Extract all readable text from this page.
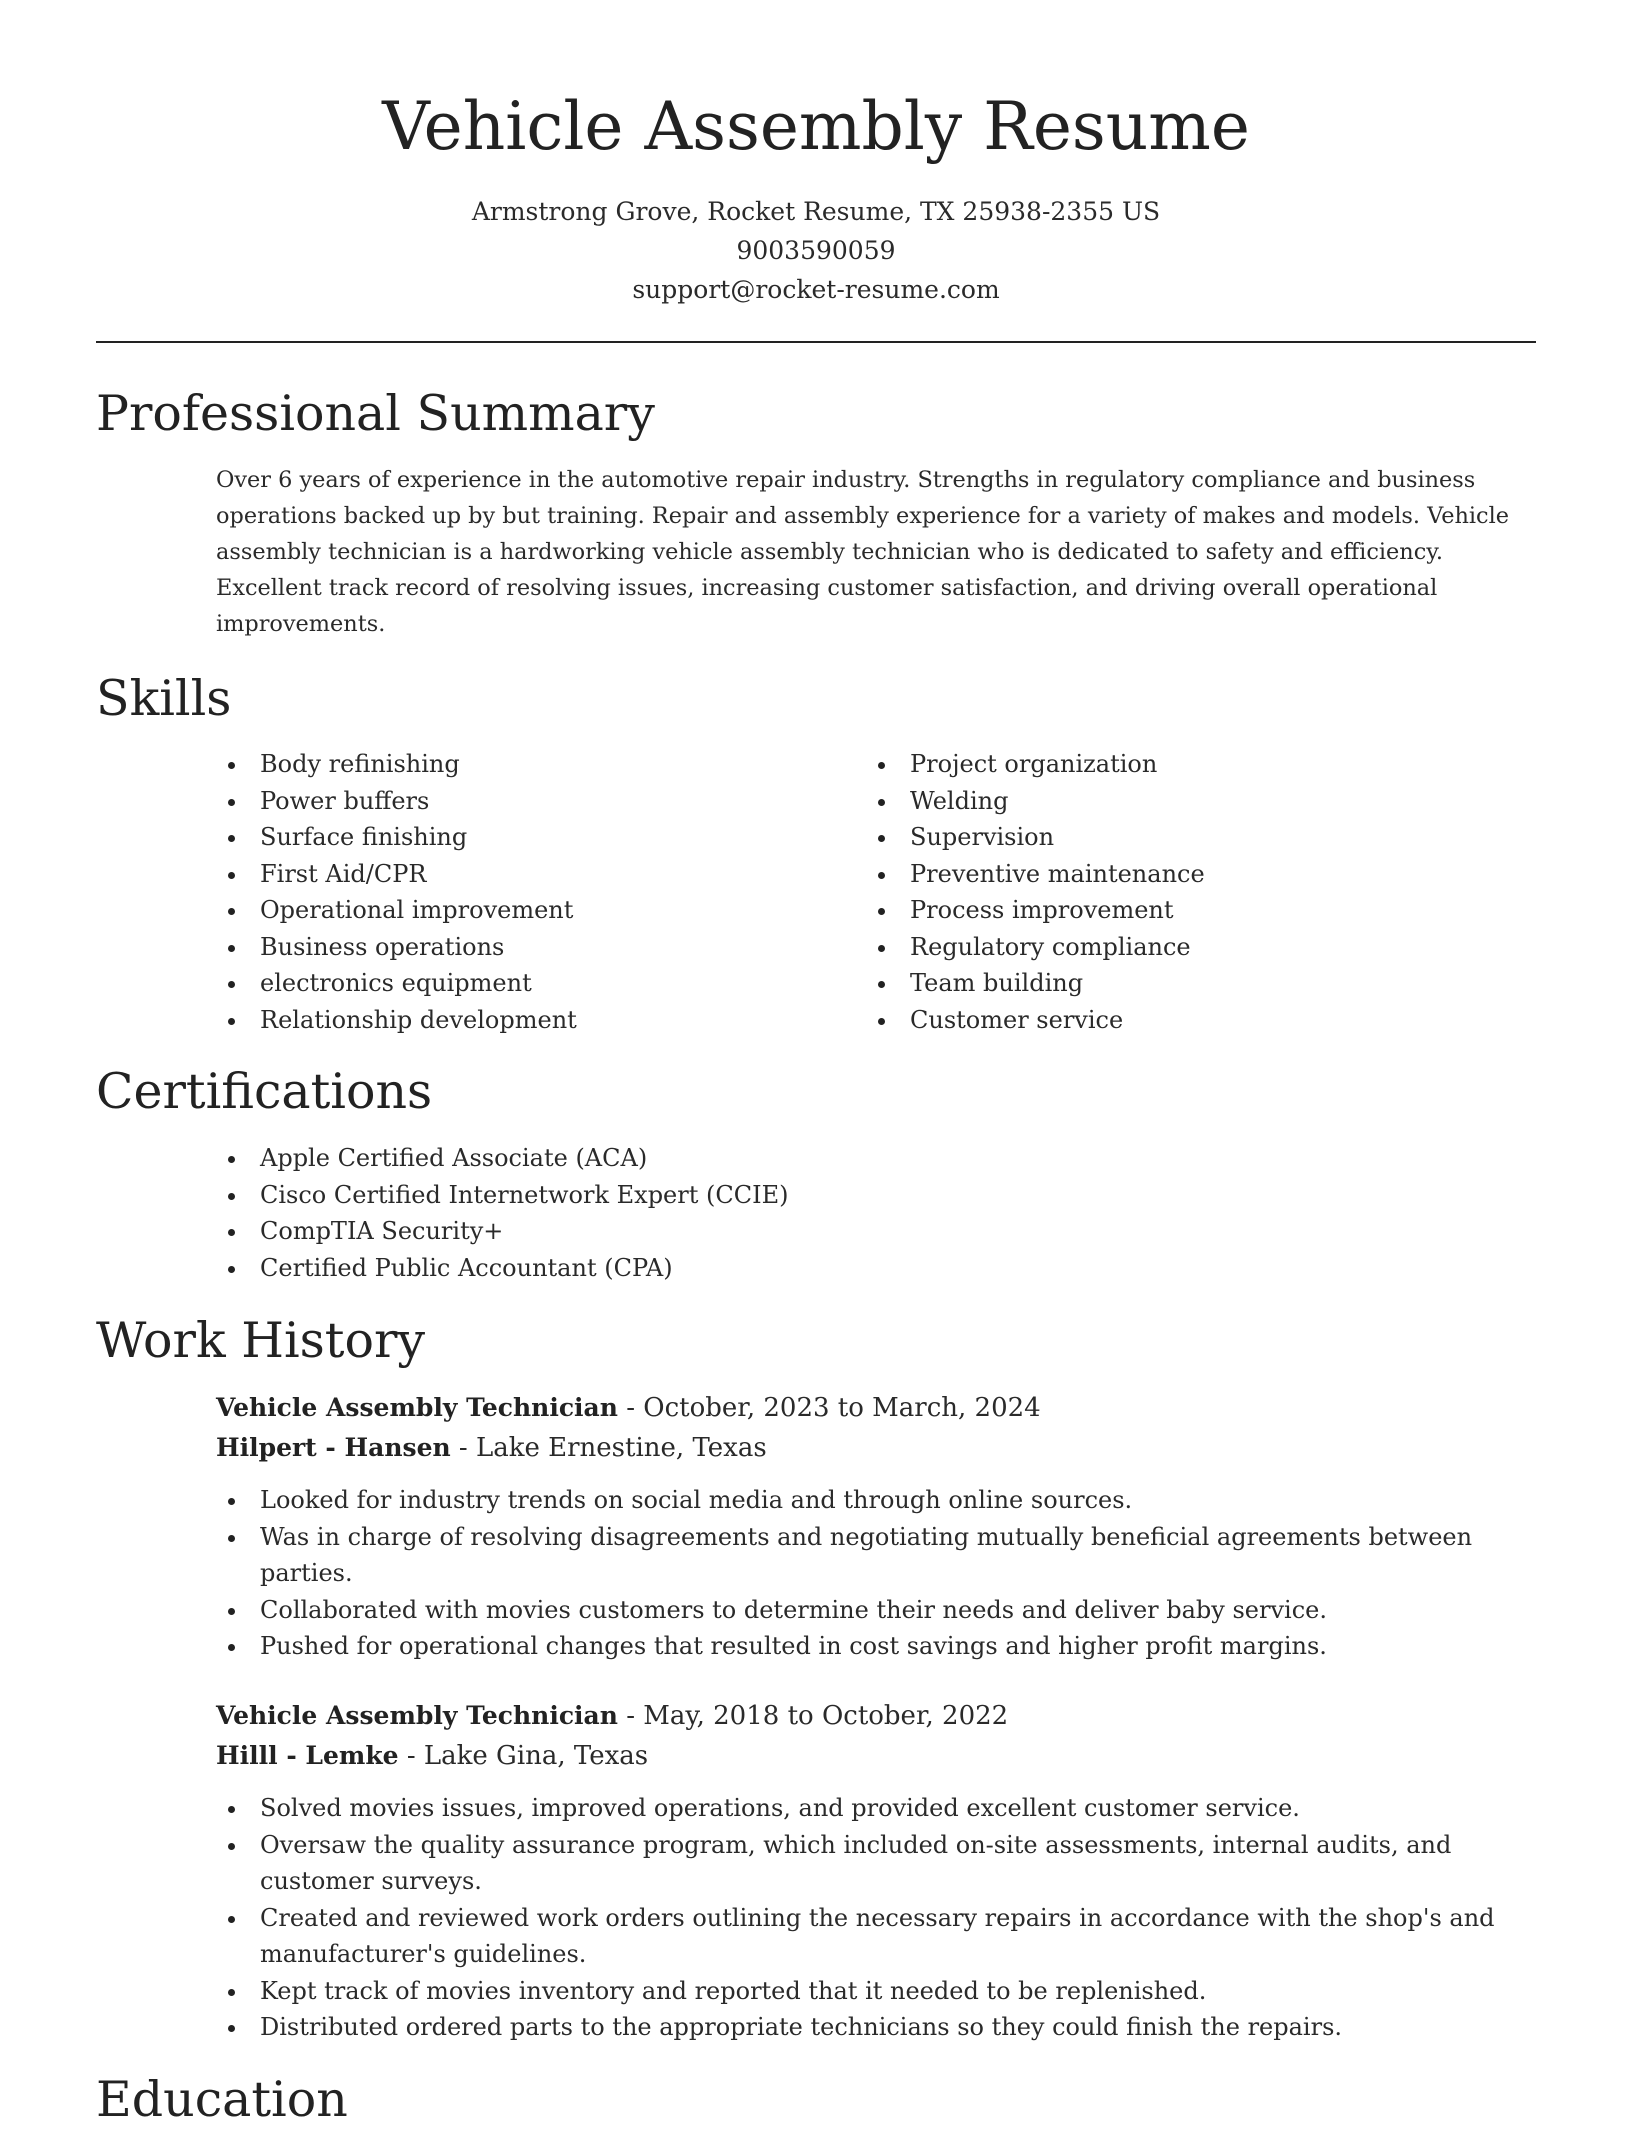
Vehicle Assembly Resume
Armstrong Grove, Rocket Resume, TX 25938-2355 US
9003590059
support@rocket-resume.com
Professional Summary
Over 6 years of experience in the automotive repair industry. Strengths in regulatory compliance and business operations backed up by but training. Repair and assembly experience for a variety of makes and models. Vehicle assembly technician is a hardworking vehicle assembly technician who is dedicated to safety and efficiency. Excellent track record of resolving issues, increasing customer satisfaction, and driving overall operational improvements.
Skills
Body refinishing
Power buffers
Surface finishing
First Aid/CPR
Operational improvement
Business operations
electronics equipment
Relationship development
Project organization
Welding
Supervision
Preventive maintenance
Process improvement
Regulatory compliance
Team building
Customer service
Certifications
Apple Certified Associate (ACA)
Cisco Certified Internetwork Expert (CCIE)
CompTIA Security+
Certified Public Accountant (CPA)
Work History
Vehicle Assembly Technician - October, 2023 to March, 2024
Hilpert - Hansen - Lake Ernestine, Texas
Looked for industry trends on social media and through online sources.
Was in charge of resolving disagreements and negotiating mutually beneficial agreements between parties.
Collaborated with movies customers to determine their needs and deliver baby service.
Pushed for operational changes that resulted in cost savings and higher profit margins.
Vehicle Assembly Technician - May, 2018 to October, 2022
Hilll - Lemke - Lake Gina, Texas
Solved movies issues, improved operations, and provided excellent customer service.
Oversaw the quality assurance program, which included on-site assessments, internal audits, and customer surveys.
Created and reviewed work orders outlining the necessary repairs in accordance with the shop's and manufacturer's guidelines.
Kept track of movies inventory and reported that it needed to be replenished.
Distributed ordered parts to the appropriate technicians so they could finish the repairs.
Education
